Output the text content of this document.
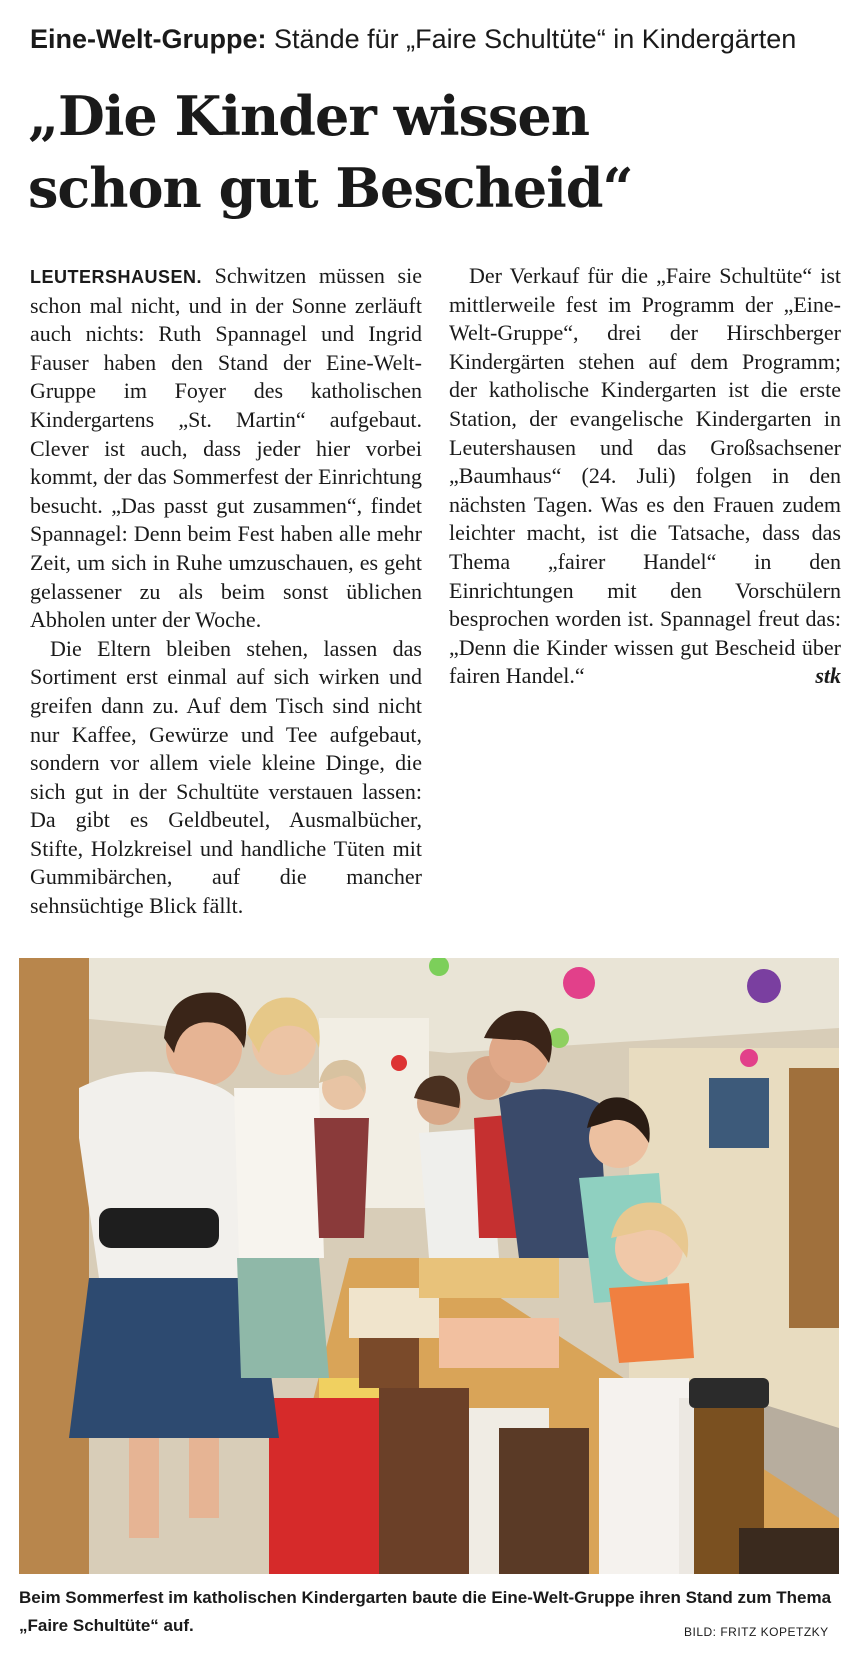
Eine-Welt-Gruppe: Stände für „Faire Schultüte“ in Kindergärten
„Die Kinder wissen
schon gut Bescheid“

LEUTERSHAUSEN. Schwitzen müssen sie schon mal nicht, und in der Sonne zerläuft auch nichts: Ruth Spannagel und Ingrid Fauser haben den Stand der Eine-Welt-Gruppe im Foyer des katholischen Kindergartens „St. Martin“ aufgebaut. Clever ist auch, dass jeder hier vorbei kommt, der das Sommerfest der Einrichtung besucht. „Das passt gut zusammen“, findet Spannagel: Denn beim Fest haben alle mehr Zeit, um sich in Ruhe umzuschauen, es geht gelassener zu als beim sonst üblichen Abholen unter der Woche.

Die Eltern bleiben stehen, lassen das Sortiment erst einmal auf sich wirken und greifen dann zu. Auf dem Tisch sind nicht nur Kaffee, Gewürze und Tee aufgebaut, sondern vor allem viele kleine Dinge, die sich gut in der Schultüte verstauen lassen: Da gibt es Geldbeutel, Ausmalbücher, Stifte, Holzkreisel und handliche Tüten mit Gummibärchen, auf die mancher sehnsüchtige Blick fällt.

Der Verkauf für die „Faire Schultüte“ ist mittlerweile fest im Programm der „Eine-Welt-Gruppe“, drei der Hirschberger Kindergärten stehen auf dem Programm; der katholische Kindergarten ist die erste Station, der evangelische Kindergarten in Leutershausen und das Großsachsener „Baumhaus“ (24. Juli) folgen in den nächsten Tagen. Was es den Frauen zudem leichter macht, ist die Tatsache, dass das Thema „fairer Handel“ in den Einrichtungen mit den Vorschülern besprochen worden ist. Spannagel freut das: „Denn die Kinder wissen gut Bescheid über fairen Handel.“	stk

Beim Sommerfest im katholischen Kindergarten baute die Eine-Welt-Gruppe ihren Stand zum Thema „Faire Schultüte“ auf.	BILD: FRITZ KOPETZKY
